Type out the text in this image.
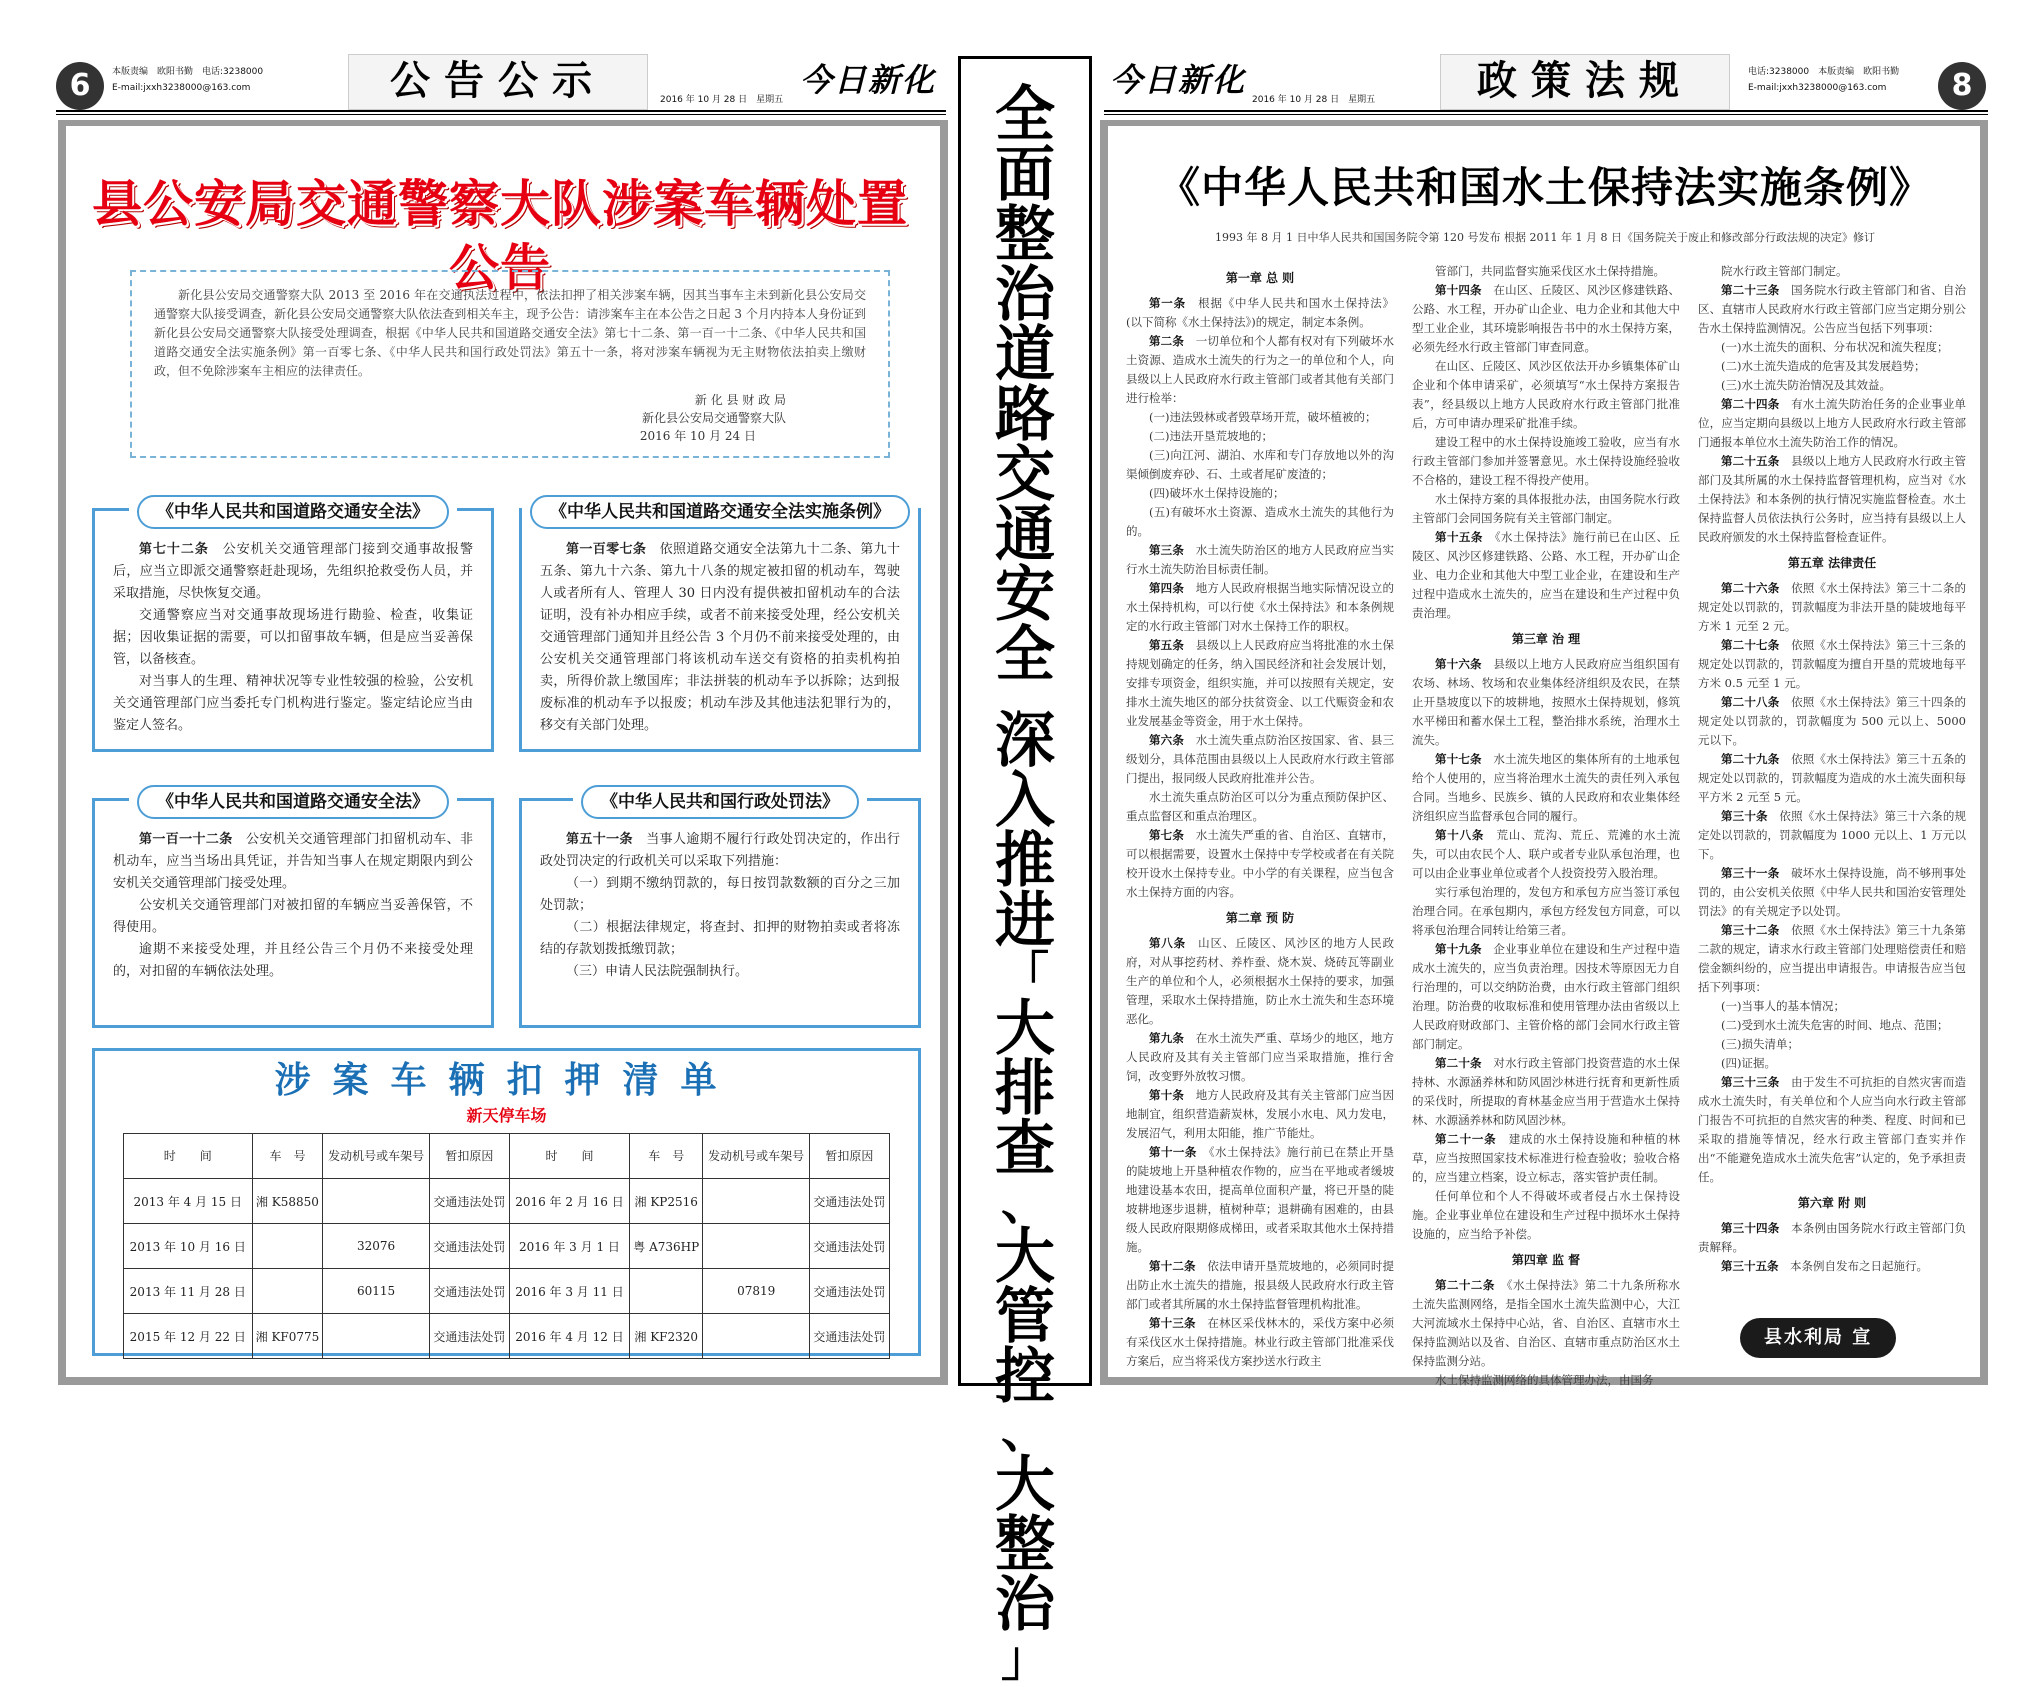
6	本版责编　欧阳书勤　电话:3238000
E-mail:jxxh3238000@163.com	公告公示	2016 年 10 月 28 日　星期五
今日新化
县公安局交通警察大队涉案车辆处置公告

新化县公安局交通警察大队 2013 至 2016 年在交通执法过程中，依法扣押了相关涉案车辆，因其当事车主未到新化县公安局交通警察大队接受调查，新化县公安局交通警察大队依法查到相关车主，现予公告：请涉案车主在本公告之日起 3 个月内持本人身份证到新化县公安局交通警察大队接受处理调查，根据《中华人民共和国道路交通安全法》第七十二条、第一百一十二条、《中华人民共和国道路交通安全法实施条例》第一百零七条、《中华人民共和国行政处罚法》第五十一条，将对涉案车辆视为无主财物依法拍卖上缴财政，但不免除涉案车主相应的法律责任。

新 化 县 财 政 局
新化县公安局交通警察大队
2016 年 10 月 24 日
《中华人民共和国道路交通安全法》

第七十二条　 公安机关交通管理部门接到交通事故报警后，应当立即派交通警察赶赴现场，先组织抢救受伤人员，并采取措施，尽快恢复交通。

交通警察应当对交通事故现场进行勘验、检查，收集证据；因收集证据的需要，可以扣留事故车辆，但是应当妥善保管，以备核查。

对当事人的生理、精神状况等专业性较强的检验，公安机关交通管理部门应当委托专门机构进行鉴定。鉴定结论应当由鉴定人签名。

《中华人民共和国道路交通安全法实施条例》

第一百零七条　 依照道路交通安全法第九十二条、第九十五条、第九十六条、第九十八条的规定被扣留的机动车，驾驶人或者所有人、管理人 30 日内没有提供被扣留机动车的合法证明，没有补办相应手续，或者不前来接受处理，经公安机关交通管理部门通知并且经公告 3 个月仍不前来接受处理的，由公安机关交通管理部门将该机动车送交有资格的拍卖机构拍卖，所得价款上缴国库；非法拼装的机动车予以拆除；达到报废标准的机动车予以报废；机动车涉及其他违法犯罪行为的，移交有关部门处理。

《中华人民共和国道路交通安全法》

第一百一十二条　 公安机关交通管理部门扣留机动车、非机动车，应当当场出具凭证，并告知当事人在规定期限内到公安机关交通管理部门接受处理。

公安机关交通管理部门对被扣留的车辆应当妥善保管，不得使用。

逾期不来接受处理，并且经公告三个月仍不来接受处理的，对扣留的车辆依法处理。

《中华人民共和国行政处罚法》

第五十一条　 当事人逾期不履行行政处罚决定的，作出行政处罚决定的行政机关可以采取下列措施：

（一）到期不缴纳罚款的，每日按罚款数额的百分之三加处罚款；

（二）根据法律规定，将查封、扣押的财物拍卖或者将冻结的存款划拨抵缴罚款；

（三）申请人民法院强制执行。

涉案车辆扣押清单
新天停车场
时　　间	车　号	发动机号或车架号	暂扣原因	时　　间	车　号	发动机号或车架号	暂扣原因
2013 年 4 月 15 日	湘 K58850		交通违法处罚	2016 年 2 月 16 日	湘 KP2516		交通违法处罚
2013 年 10 月 16 日		32076	交通违法处罚	2016 年 3 月 1 日	粤 A736HP		交通违法处罚
2013 年 11 月 28 日		60115	交通违法处罚	2016 年 3 月 11 日		07819	交通违法处罚
2015 年 12 月 22 日	湘 KF0775		交通违法处罚	2016 年 4 月 12 日	湘 KF2320		交通违法处罚
全
面
整
治
道
路
交
通
安
全
深
入
推
进
「
大
排
查
、
大
管
控
、
大
整
治
」
今日新化
2016 年 10 月 28 日　星期五	政策法规	电话:3238000　本版责编　欧阳书勤
E-mail:jxxh3238000@163.com	8
《中华人民共和国水土保持法实施条例》
1993 年 8 月 1 日中华人民共和国国务院令第 120 号发布 根据 2011 年 1 月 8 日《国务院关于废止和修改部分行政法规的决定》修订
第一章 总 则

第一条　 根据《中华人民共和国水土保持法》(以下简称《水土保持法》)的规定，制定本条例。

第二条　 一切单位和个人都有权对有下列破坏水土资源、造成水土流失的行为之一的单位和个人，向县级以上人民政府水行政主管部门或者其他有关部门进行检举：

(一)违法毁林或者毁草场开荒，破坏植被的；

(二)违法开垦荒坡地的；

(三)向江河、湖泊、水库和专门存放地以外的沟渠倾倒废弃砂、石、土或者尾矿废渣的；

(四)破坏水土保持设施的；

(五)有破坏水土资源、造成水土流失的其他行为的。

第三条　 水土流失防治区的地方人民政府应当实行水土流失防治目标责任制。

第四条　 地方人民政府根据当地实际情况设立的水土保持机构，可以行使《水土保持法》和本条例规定的水行政主管部门对水土保持工作的职权。

第五条　 县级以上人民政府应当将批准的水土保持规划确定的任务，纳入国民经济和社会发展计划，安排专项资金，组织实施，并可以按照有关规定，安排水土流失地区的部分扶贫资金、以工代赈资金和农业发展基金等资金，用于水土保持。

第六条　 水土流失重点防治区按国家、省、县三级划分，具体范围由县级以上人民政府水行政主管部门提出，报同级人民政府批准并公告。

水土流失重点防治区可以分为重点预防保护区、重点监督区和重点治理区。

第七条　 水土流失严重的省、自治区、直辖市，可以根据需要，设置水土保持中专学校或者在有关院校开设水土保持专业。中小学的有关课程，应当包含水土保持方面的内容。

第二章 预 防

第八条　 山区、丘陵区、风沙区的地方人民政府，对从事挖药材、养柞蚕、烧木炭、烧砖瓦等副业生产的单位和个人，必须根据水土保持的要求，加强管理，采取水土保持措施，防止水土流失和生态环境恶化。

第九条　 在水土流失严重、草场少的地区，地方人民政府及其有关主管部门应当采取措施，推行舍饲，改变野外放牧习惯。

第十条　 地方人民政府及其有关主管部门应当因地制宜，组织营造薪炭林，发展小水电、风力发电，发展沼气，利用太阳能，推广节能灶。

第十一条　 《水土保持法》施行前已在禁止开垦的陡坡地上开垦种植农作物的，应当在平地或者缓坡地建设基本农田，提高单位面积产量，将已开垦的陡坡耕地逐步退耕，植树种草；退耕确有困难的，由县级人民政府限期修成梯田，或者采取其他水土保持措施。

第十二条　 依法申请开垦荒坡地的，必须同时提出防止水土流失的措施，报县级人民政府水行政主管部门或者其所属的水土保持监督管理机构批准。

第十三条　 在林区采伐林木的，采伐方案中必须有采伐区水土保持措施。林业行政主管部门批准采伐方案后，应当将采伐方案抄送水行政主

管部门，共同监督实施采伐区水土保持措施。

第十四条　 在山区、丘陵区、风沙区修建铁路、公路、水工程，开办矿山企业、电力企业和其他大中型工业企业，其环境影响报告书中的水土保持方案，必须先经水行政主管部门审查同意。

在山区、丘陵区、风沙区依法开办乡镇集体矿山企业和个体申请采矿，必须填写“水土保持方案报告表”，经县级以上地方人民政府水行政主管部门批准后，方可申请办理采矿批准手续。

建设工程中的水土保持设施竣工验收，应当有水行政主管部门参加并签署意见。水土保持设施经验收不合格的，建设工程不得投产使用。

水土保持方案的具体报批办法，由国务院水行政主管部门会同国务院有关主管部门制定。

第十五条　 《水土保持法》施行前已在山区、丘陵区、风沙区修建铁路、公路、水工程，开办矿山企业、电力企业和其他大中型工业企业，在建设和生产过程中造成水土流失的，应当在建设和生产过程中负责治理。

第三章 治 理

第十六条　 县级以上地方人民政府应当组织国有农场、林场、牧场和农业集体经济组织及农民，在禁止开垦坡度以下的坡耕地，按照水土保持规划，修筑水平梯田和蓄水保土工程，整治排水系统，治理水土流失。

第十七条　 水土流失地区的集体所有的土地承包给个人使用的，应当将治理水土流失的责任列入承包合同。当地乡、民族乡、镇的人民政府和农业集体经济组织应当监督承包合同的履行。

第十八条　 荒山、荒沟、荒丘、荒滩的水土流失，可以由农民个人、联户或者专业队承包治理，也可以由企业事业单位或者个人投资投劳入股治理。

实行承包治理的，发包方和承包方应当签订承包治理合同。在承包期内，承包方经发包方同意，可以将承包治理合同转让给第三者。

第十九条　 企业事业单位在建设和生产过程中造成水土流失的，应当负责治理。因技术等原因无力自行治理的，可以交纳防治费，由水行政主管部门组织治理。防治费的收取标准和使用管理办法由省级以上人民政府财政部门、主管价格的部门会同水行政主管部门制定。

第二十条　 对水行政主管部门投资营造的水土保持林、水源涵养林和防风固沙林进行抚育和更新性质的采伐时，所提取的育林基金应当用于营造水土保持林、水源涵养林和防风固沙林。

第二十一条　 建成的水土保持设施和种植的林草，应当按照国家技术标准进行检查验收；验收合格的，应当建立档案，设立标志，落实管护责任制。

任何单位和个人不得破坏或者侵占水土保持设施。企业事业单位在建设和生产过程中损坏水土保持设施的，应当给予补偿。

第四章 监 督

第二十二条　 《水土保持法》第二十九条所称水土流失监测网络，是指全国水土流失监测中心，大江大河流域水土保持中心站，省、自治区、直辖市水土保持监测站以及省、自治区、直辖市重点防治区水土保持监测分站。

水土保持监测网络的具体管理办法，由国务

院水行政主管部门制定。

第二十三条　 国务院水行政主管部门和省、自治区、直辖市人民政府水行政主管部门应当定期分别公告水土保持监测情况。公告应当包括下列事项：

(一)水土流失的面积、分布状况和流失程度；

(二)水土流失造成的危害及其发展趋势；

(三)水土流失防治情况及其效益。

第二十四条　 有水土流失防治任务的企业事业单位，应当定期向县级以上地方人民政府水行政主管部门通报本单位水土流失防治工作的情况。

第二十五条　 县级以上地方人民政府水行政主管部门及其所属的水土保持监督管理机构，应当对《水土保持法》和本条例的执行情况实施监督检查。水土保持监督人员依法执行公务时，应当持有县级以上人民政府颁发的水土保持监督检查证件。

第五章 法律责任

第二十六条　 依照《水土保持法》第三十二条的规定处以罚款的，罚款幅度为非法开垦的陡坡地每平方米 1 元至 2 元。

第二十七条　 依照《水土保持法》第三十三条的规定处以罚款的，罚款幅度为擅自开垦的荒坡地每平方米 0.5 元至 1 元。

第二十八条　 依照《水土保持法》第三十四条的规定处以罚款的，罚款幅度为 500 元以上、5000 元以下。

第二十九条　 依照《水土保持法》第三十五条的规定处以罚款的，罚款幅度为造成的水土流失面积每平方米 2 元至 5 元。

第三十条　 依照《水土保持法》第三十六条的规定处以罚款的，罚款幅度为 1000 元以上、1 万元以下。

第三十一条　 破坏水土保持设施，尚不够刑事处罚的，由公安机关依照《中华人民共和国治安管理处罚法》的有关规定予以处罚。

第三十二条　 依照《水土保持法》第三十九条第二款的规定，请求水行政主管部门处理赔偿责任和赔偿金额纠纷的，应当提出申请报告。申请报告应当包括下列事项：

(一)当事人的基本情况；

(二)受到水土流失危害的时间、地点、范围；

(三)损失清单；

(四)证据。

第三十三条　 由于发生不可抗拒的自然灾害而造成水土流失时，有关单位和个人应当向水行政主管部门报告不可抗拒的自然灾害的种类、程度、时间和已采取的措施等情况，经水行政主管部门查实并作出“不能避免造成水土流失危害”认定的，免予承担责任。

第六章 附 则

第三十四条　 本条例由国务院水行政主管部门负责解释。

第三十五条　 本条例自发布之日起施行。

县水利局 宣
